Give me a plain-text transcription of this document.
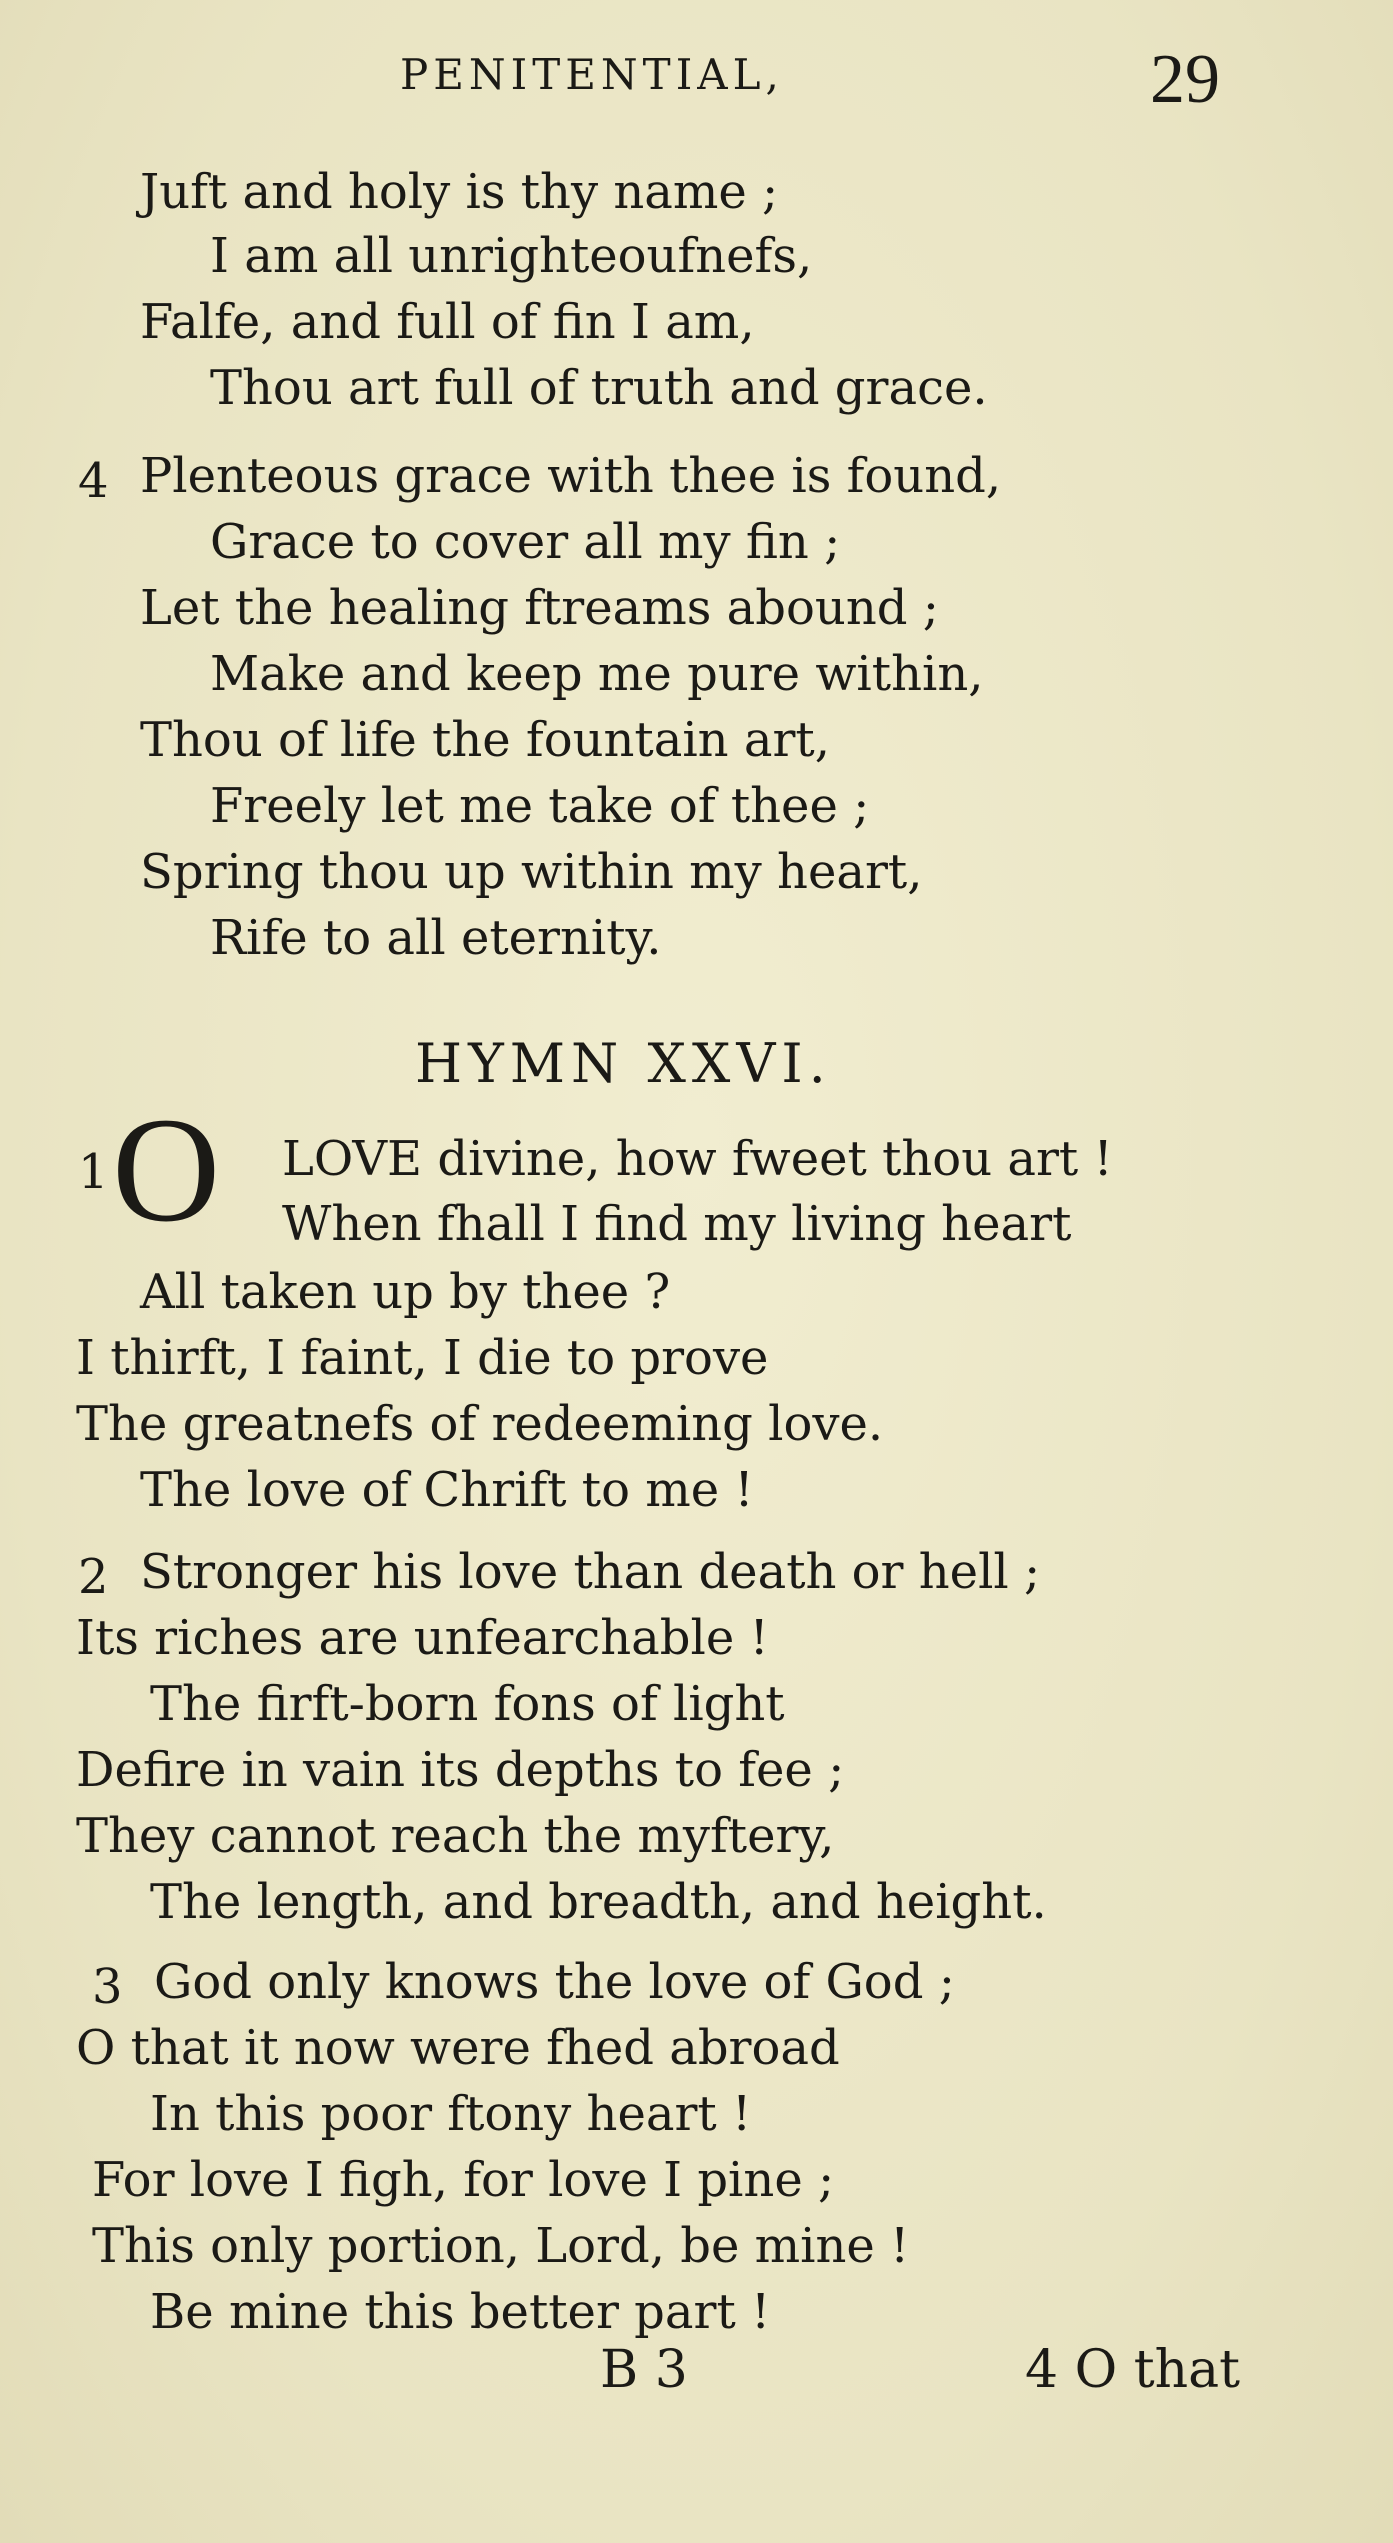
PENITENTIAL,	29
Juft and holy is thy name ;
I am all unrighteoufnefs,
Falfe, and full of fin I am,
Thou art full of truth and grace.
4 Plenteous grace with thee is found,
Grace to cover all my fin ;
Let the healing ftreams abound ;
Make and keep me pure within,
Thou of life the fountain art,
Freely let me take of thee ;
Spring thou up within my heart,
Rife to all eternity.
HYMN XXVI.
1 O LOVE divine, how fweet thou art !
When fhall I find my living heart
All taken up by thee ?
I thirft, I faint, I die to prove
The greatnefs of redeeming love.
The love of Chrift to me !
2 Stronger his love than death or hell ;
Its riches are unfearchable !
The firft-born fons of light
Defire in vain its depths to fee ;
They cannot reach the myftery,
The length, and breadth, and height.
3 God only knows the love of God ;
O that it now were fhed abroad
In this poor ftony heart !
For love I figh, for love I pine ;
This only portion, Lord, be mine !
Be mine this better part !
B 3	4 O that
